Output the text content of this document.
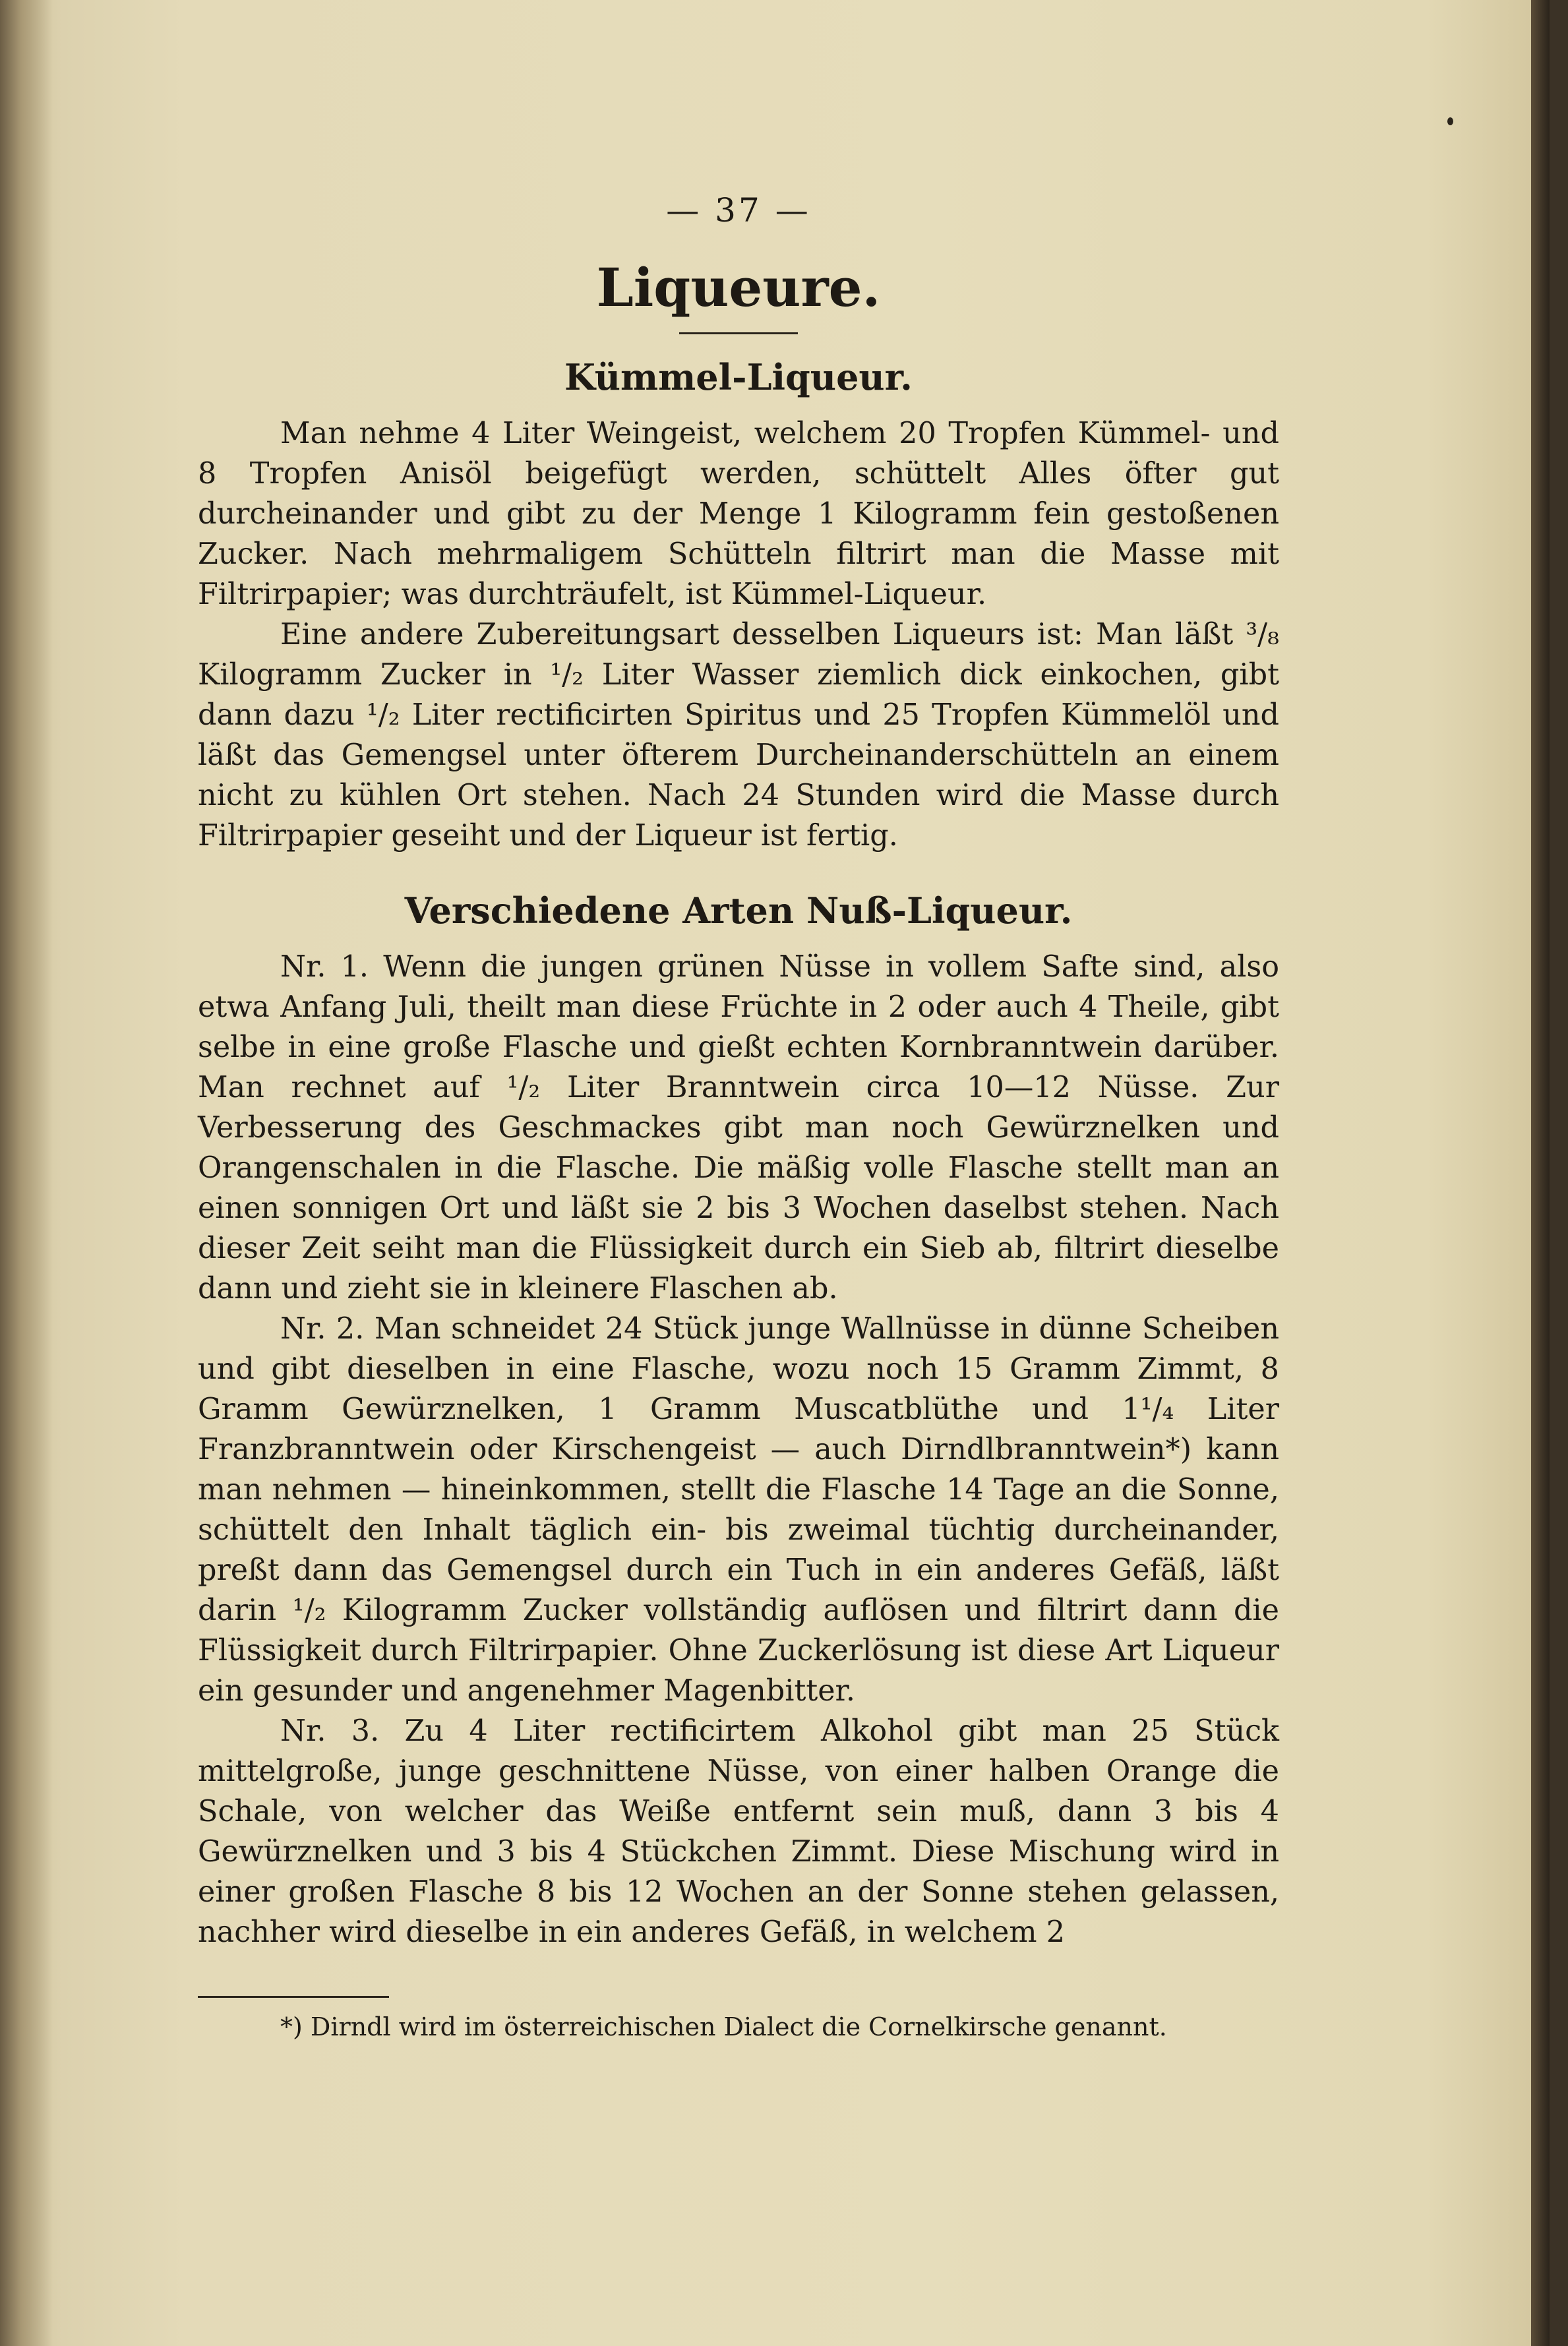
— 37 —
Liqueure.
Kümmel-Liqueur.

Man nehme 4 Liter Weingeist, welchem 20 Tropfen Kümmel- und 8 Tropfen Anisöl beigefügt werden, schüttelt Alles öfter gut durcheinander und gibt zu der Menge 1 Kilogramm fein gestoßenen Zucker. Nach mehrmaligem Schütteln filtrirt man die Masse mit Filtrirpapier; was durchträufelt, ist Kümmel-Liqueur.

Eine andere Zubereitungsart desselben Liqueurs ist: Man läßt ³/₈ Kilogramm Zucker in ¹/₂ Liter Wasser ziemlich dick einkochen, gibt dann dazu ¹/₂ Liter rectificirten Spiritus und 25 Tropfen Kümmelöl und läßt das Gemengsel unter öfterem Durcheinanderschütteln an einem nicht zu kühlen Ort stehen. Nach 24 Stunden wird die Masse durch Filtrirpapier geseiht und der Liqueur ist fertig.

Verschiedene Arten Nuß-Liqueur.

Nr. 1. Wenn die jungen grünen Nüsse in vollem Safte sind, also etwa Anfang Juli, theilt man diese Früchte in 2 oder auch 4 Theile, gibt selbe in eine große Flasche und gießt echten Kornbranntwein darüber. Man rechnet auf ¹/₂ Liter Branntwein circa 10—12 Nüsse. Zur Verbesserung des Geschmackes gibt man noch Gewürznelken und Orangenschalen in die Flasche. Die mäßig volle Flasche stellt man an einen sonnigen Ort und läßt sie 2 bis 3 Wochen daselbst stehen. Nach dieser Zeit seiht man die Flüssigkeit durch ein Sieb ab, filtrirt dieselbe dann und zieht sie in kleinere Flaschen ab.

Nr. 2. Man schneidet 24 Stück junge Wallnüsse in dünne Scheiben und gibt dieselben in eine Flasche, wozu noch 15 Gramm Zimmt, 8 Gramm Gewürznelken, 1 Gramm Muscatblüthe und 1¹/₄ Liter Franzbranntwein oder Kirschengeist — auch Dirndlbranntwein*) kann man nehmen — hineinkommen, stellt die Flasche 14 Tage an die Sonne, schüttelt den Inhalt täglich ein- bis zweimal tüchtig durcheinander, preßt dann das Gemengsel durch ein Tuch in ein anderes Gefäß, läßt darin ¹/₂ Kilogramm Zucker vollständig auflösen und filtrirt dann die Flüssigkeit durch Filtrirpapier. Ohne Zuckerlösung ist diese Art Liqueur ein gesunder und angenehmer Magenbitter.

Nr. 3. Zu 4 Liter rectificirtem Alkohol gibt man 25 Stück mittelgroße, junge geschnittene Nüsse, von einer halben Orange die Schale, von welcher das Weiße entfernt sein muß, dann 3 bis 4 Gewürznelken und 3 bis 4 Stückchen Zimmt. Diese Mischung wird in einer großen Flasche 8 bis 12 Wochen an der Sonne stehen gelassen, nachher wird dieselbe in ein anderes Gefäß, in welchem 2

*) Dirndl wird im österreichischen Dialect die Cornelkirsche genannt.
